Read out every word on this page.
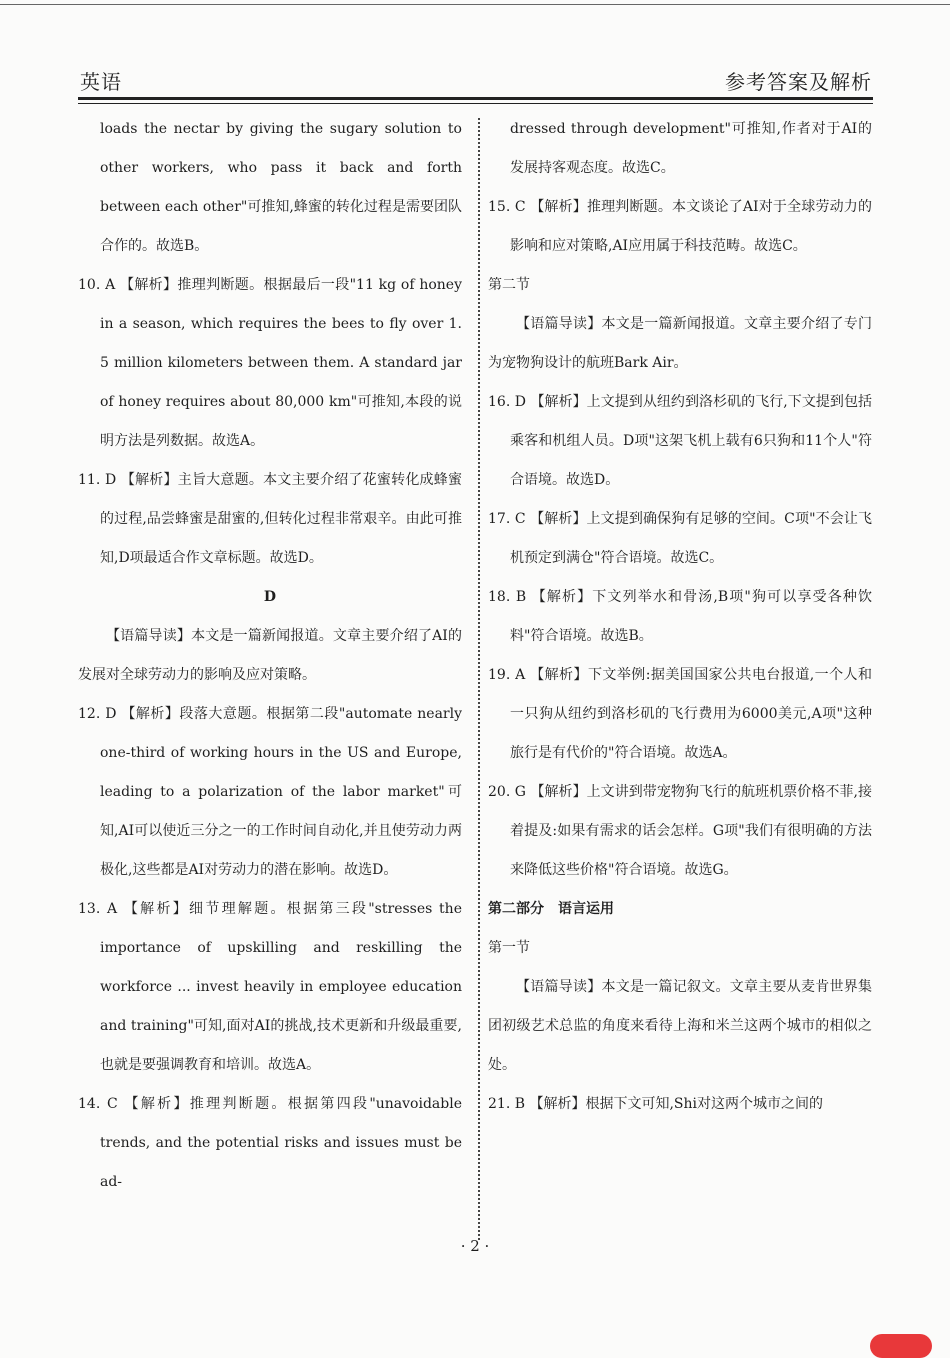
英语	参考答案及解析
loads the nectar by giving the sugary solution to other workers, who pass it back and forth between each other"可推知,蜂蜜的转化过程是需要团队合作的。故选B。
10. A 【解析】推理判断题。根据最后一段"11 kg of honey in a season, which requires the bees to fly over 1. 5 million kilometers between them. A standard jar of honey requires about 80,000 km"可推知,本段的说明方法是列数据。故选A。
11. D 【解析】主旨大意题。本文主要介绍了花蜜转化成蜂蜜的过程,品尝蜂蜜是甜蜜的,但转化过程非常艰辛。由此可推知,D项最适合作文章标题。故选D。
D
【语篇导读】本文是一篇新闻报道。文章主要介绍了AI的发展对全球劳动力的影响及应对策略。
12. D 【解析】段落大意题。根据第二段"automate nearly one-third of working hours in the US and Europe, leading to a polarization of the labor market"可知,AI可以使近三分之一的工作时间自动化,并且使劳动力两极化,这些都是AI对劳动力的潜在影响。故选D。
13. A 【解析】细节理解题。根据第三段"stresses the importance of upskilling and reskilling the workforce ... invest heavily in employee education and training"可知,面对AI的挑战,技术更新和升级最重要,也就是要强调教育和培训。故选A。
14. C 【解析】推理判断题。根据第四段"unavoidable trends, and the potential risks and issues must be ad-
dressed through development"可推知,作者对于AI的发展持客观态度。故选C。
15. C 【解析】推理判断题。本文谈论了AI对于全球劳动力的影响和应对策略,AI应用属于科技范畴。故选C。
第二节
【语篇导读】本文是一篇新闻报道。文章主要介绍了专门为宠物狗设计的航班Bark Air。
16. D 【解析】上文提到从纽约到洛杉矶的飞行,下文提到包括乘客和机组人员。D项"这架飞机上载有6只狗和11个人"符合语境。故选D。
17. C 【解析】上文提到确保狗有足够的空间。C项"不会让飞机预定到满仓"符合语境。故选C。
18. B 【解析】下文列举水和骨汤,B项"狗可以享受各种饮料"符合语境。故选B。
19. A 【解析】下文举例:据美国国家公共电台报道,一个人和一只狗从纽约到洛杉矶的飞行费用为6000美元,A项"这种旅行是有代价的"符合语境。故选A。
20. G 【解析】上文讲到带宠物狗飞行的航班机票价格不菲,接着提及:如果有需求的话会怎样。G项"我们有很明确的方法来降低这些价格"符合语境。故选G。
第二部分　语言运用
第一节
【语篇导读】本文是一篇记叙文。文章主要从麦肯世界集团初级艺术总监的角度来看待上海和米兰这两个城市的相似之处。
21. B 【解析】根据下文可知,Shi对这两个城市之间的
· 2 ·
